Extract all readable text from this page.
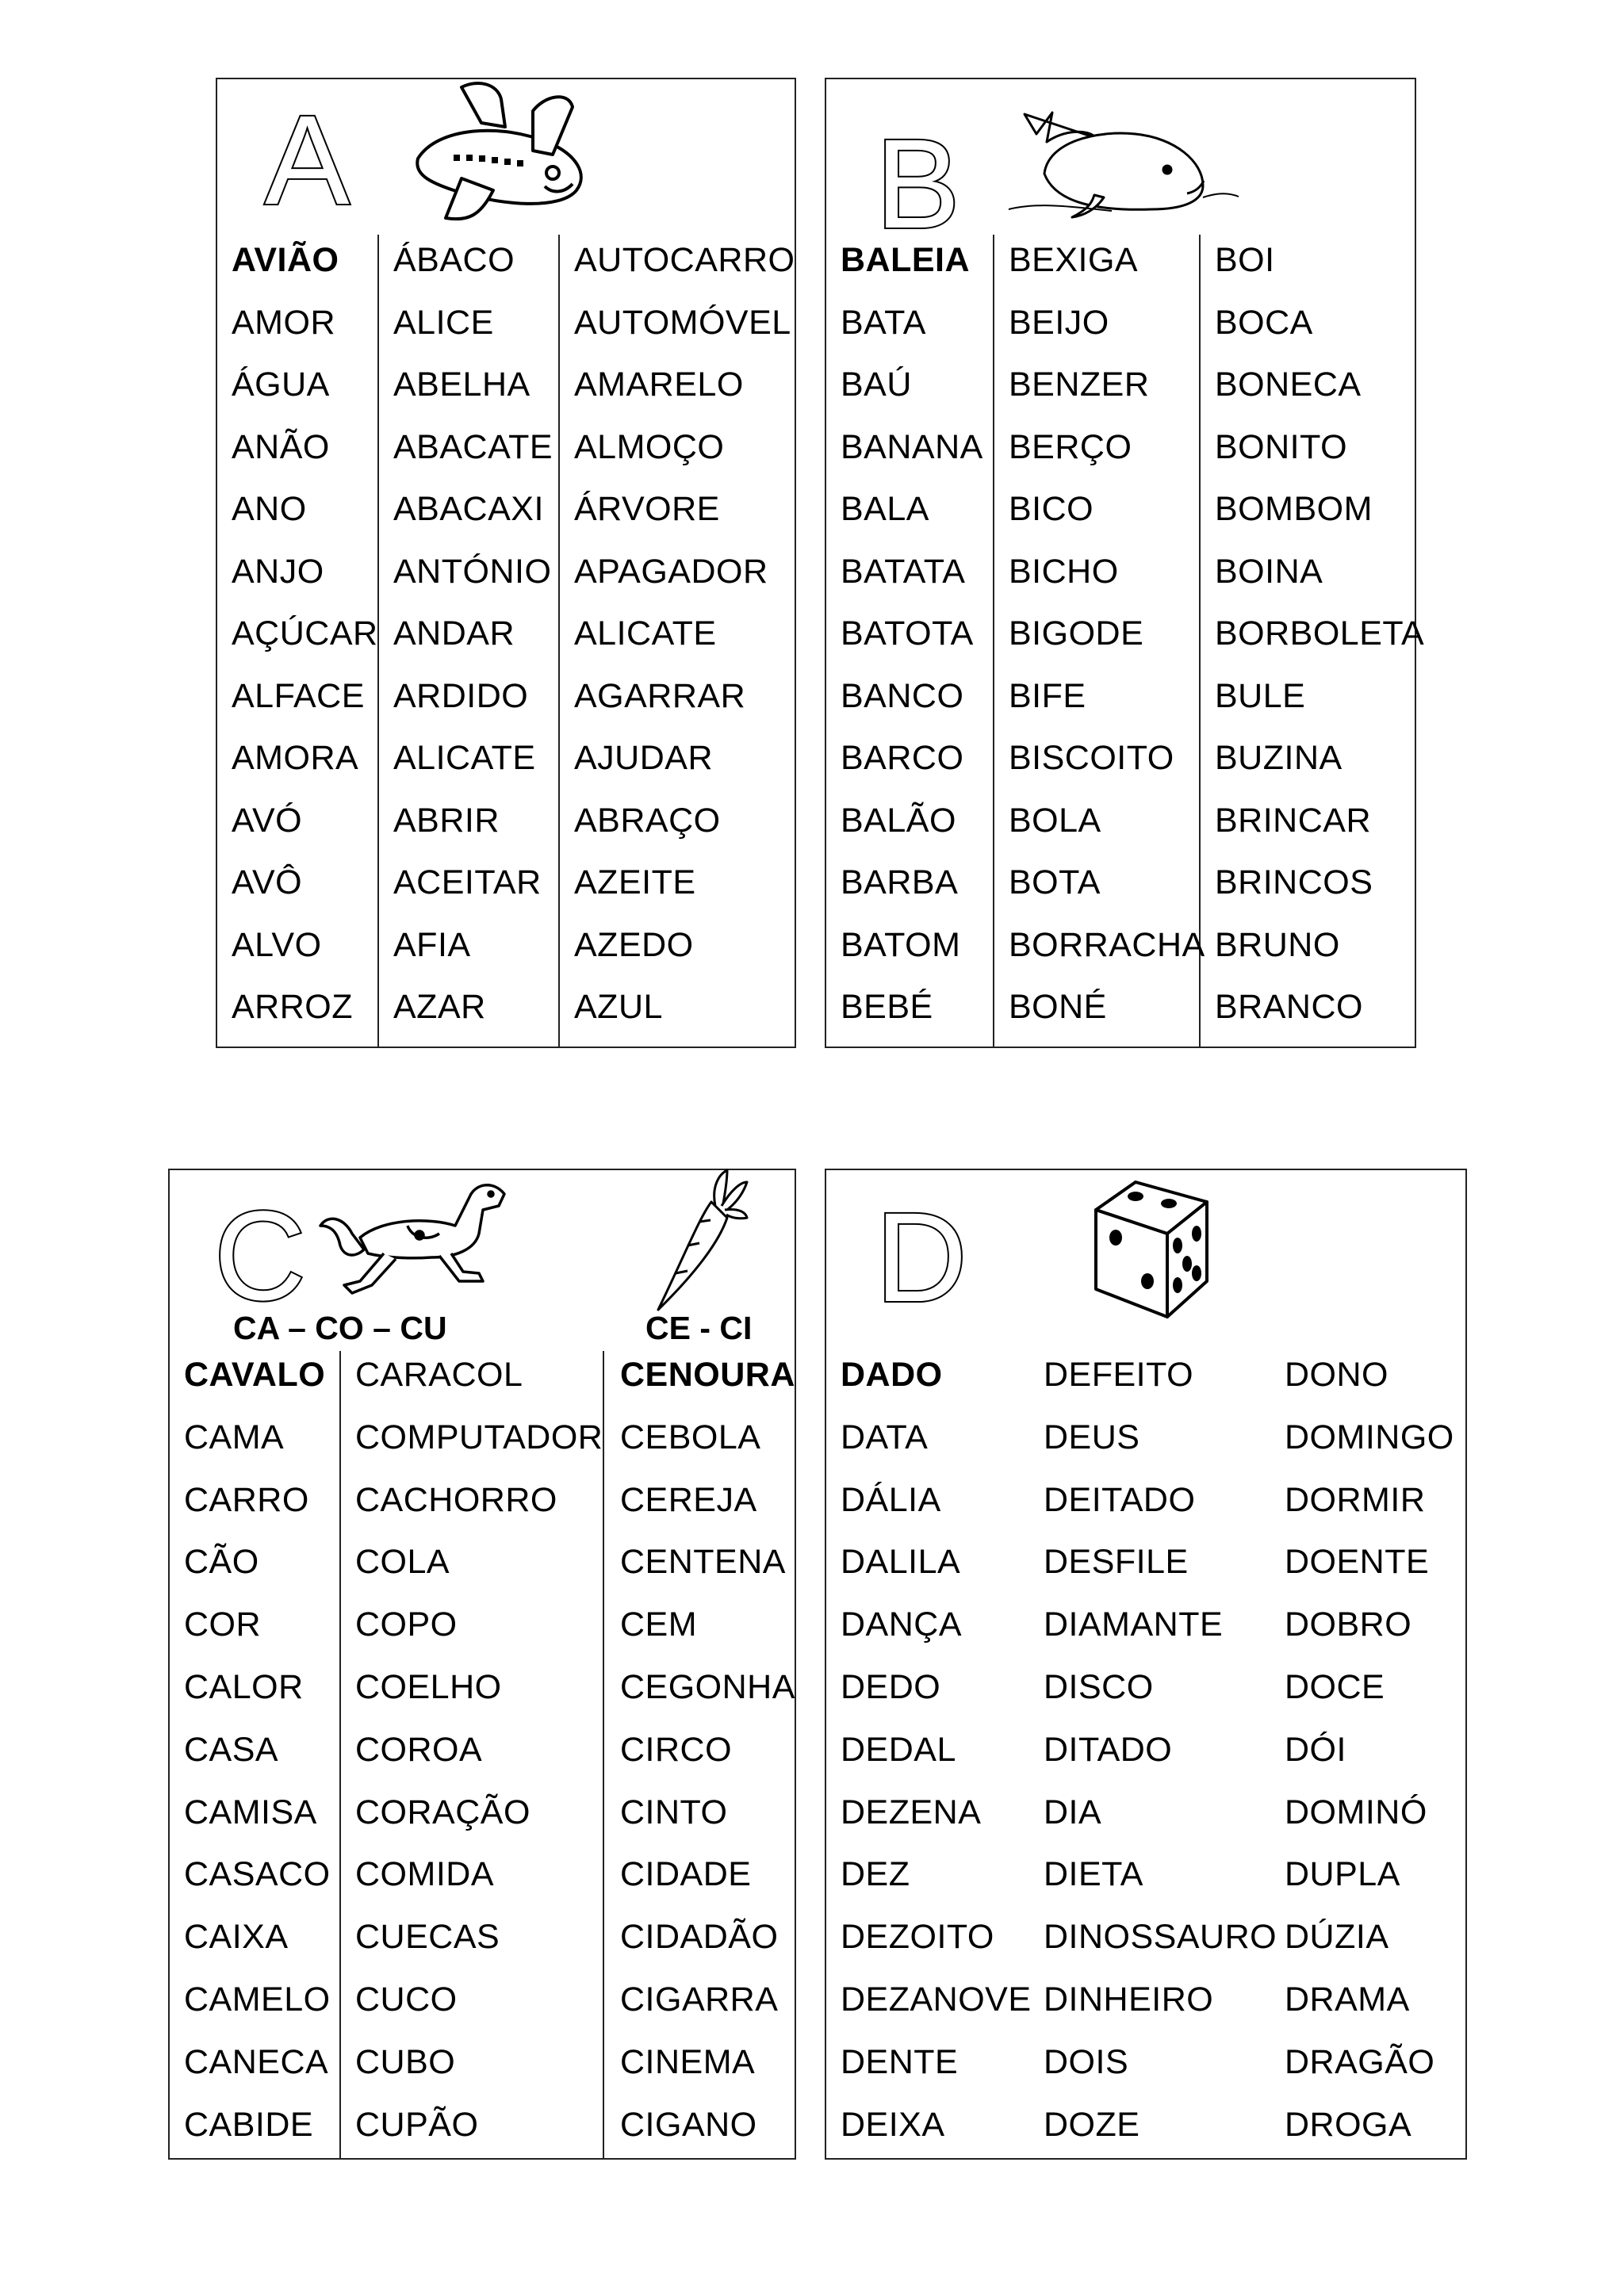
A
AVIÃO
AMOR
ÁGUA
ANÃO
ANO
ANJO
AÇÚCAR
ALFACE
AMORA
AVÓ
AVÔ
ALVO
ARROZ
ÁBACO
ALICE
ABELHA
ABACATE
ABACAXI
ANTÓNIO
ANDAR
ARDIDO
ALICATE
ABRIR
ACEITAR
AFIA
AZAR
AUTOCARRO
AUTOMÓVEL
AMARELO
ALMOÇO
ÁRVORE
APAGADOR
ALICATE
AGARRAR
AJUDAR
ABRAÇO
AZEITE
AZEDO
AZUL
B
BALEIA
BATA
BAÚ
BANANA
BALA
BATATA
BATOTA
BANCO
BARCO
BALÃO
BARBA
BATOM
BEBÉ
BEXIGA
BEIJO
BENZER
BERÇO
BICO
BICHO
BIGODE
BIFE
BISCOITO
BOLA
BOTA
BORRACHA
BONÉ
BOI
BOCA
BONECA
BONITO
BOMBOM
BOINA
BORBOLETA
BULE
BUZINA
BRINCAR
BRINCOS
BRUNO
BRANCO
C
CA – CO – CU	CE - CI
CAVALO
CAMA
CARRO
CÃO
COR
CALOR
CASA
CAMISA
CASACO
CAIXA
CAMELO
CANECA
CABIDE
CARACOL
COMPUTADOR
CACHORRO
COLA
COPO
COELHO
COROA
CORAÇÃO
COMIDA
CUECAS
CUCO
CUBO
CUPÃO
CENOURA
CEBOLA
CEREJA
CENTENA
CEM
CEGONHA
CIRCO
CINTO
CIDADE
CIDADÃO
CIGARRA
CINEMA
CIGANO
D
DADO
DATA
DÁLIA
DALILA
DANÇA
DEDO
DEDAL
DEZENA
DEZ
DEZOITO
DEZANOVE
DENTE
DEIXA
DEFEITO
DEUS
DEITADO
DESFILE
DIAMANTE
DISCO
DITADO
DIA
DIETA
DINOSSAURO
DINHEIRO
DOIS
DOZE
DONO
DOMINGO
DORMIR
DOENTE
DOBRO
DOCE
DÓI
DOMINÓ
DUPLA
DÚZIA
DRAMA
DRAGÃO
DROGA
